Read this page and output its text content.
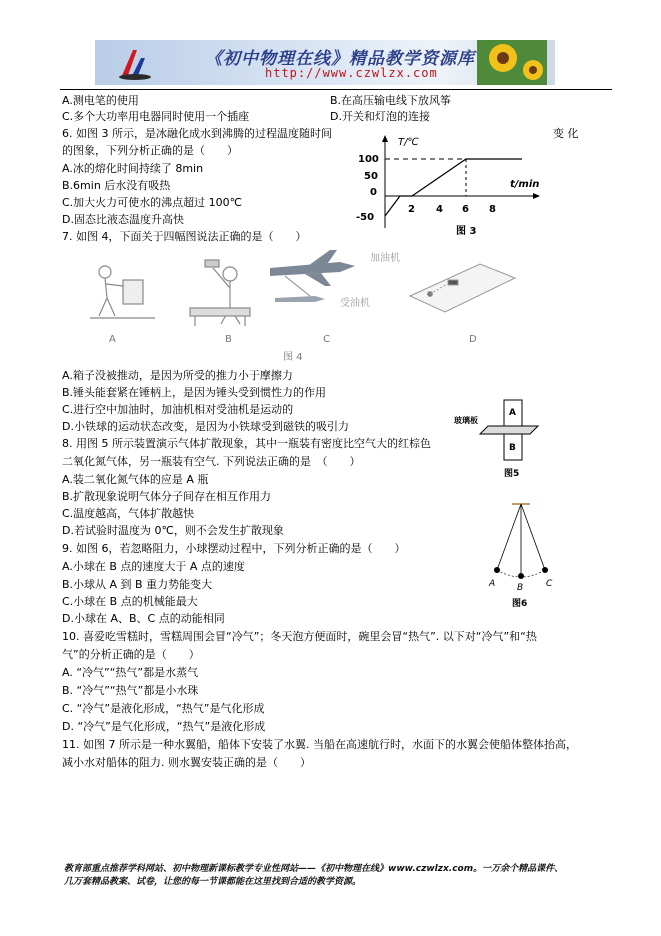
《初中物理在线》精品教学资源库
http://www.czwlzx.com
A.测电笔的使用	B.在高压输电线下放风筝
C.多个大功率用电器同时使用一个插座	D.开关和灯泡的连接
6. 如图 3 所示，是冰融化成水到沸腾的过程温度随时间	变 化
的图象，下列分析正确的是（　　）
A.冰的熔化时间持续了 8min
B.6min 后水没有吸热
C.加大火力可使水的沸点超过 100℃
D.固态比液态温度升高快
7. 如图 4，下面关于四幅图说法正确的是（　　）
A.箱子没被推动，是因为所受的推力小于摩擦力
B.锤头能套紧在锤柄上，是因为锤头受到惯性力的作用
C.进行空中加油时，加油机相对受油机是运动的
D.小铁球的运动状态改变，是因为小铁球受到磁铁的吸引力
8. 用图 5 所示装置演示气体扩散现象，其中一瓶装有密度比空气大的红棕色
二氧化氮气体，另一瓶装有空气. 下列说法正确的是　（　　）
A.装二氧化氮气体的应是 A 瓶
B.扩散现象说明气体分子间存在相互作用力
C.温度越高，气体扩散越快
D.若试验时温度为 0℃，则不会发生扩散现象
9. 如图 6，若忽略阻力，小球摆动过程中，下列分析正确的是（　　）
A.小球在 B 点的速度大于 A 点的速度
B.小球从 A 到 B 重力势能变大
C.小球在 B 点的机械能最大
D.小球在 A、B、C 点的动能相同
10. 喜爱吃雪糕时，雪糕周围会冒“冷气”；冬天泡方便面时，碗里会冒“热气”. 以下对“冷气”和“热
气”的分析正确的是（　　）
A. “冷气”“热气”都是水蒸气
B. “冷气”“热气”都是小水珠
C. “冷气”是液化形成，“热气”是气化形成
D. “冷气”是气化形成，“热气”是液化形成
11. 如图 7 所示是一种水翼船，船体下安装了水翼. 当船在高速航行时，水面下的水翼会使船体整体抬高，
减小水对船体的阻力. 则水翼安装正确的是（　　）
T/℃
t/min
100
50
0
-50
2 4 6 8
图 3
加油机
受油机
A	B	C	D
图 4
A
B
玻璃板
图5
A B	C
图6
教育部重点推荐学科网站、初中物理新课标教学专业性网站——《初中物理在线》www.czwlzx.com。一万余个精品课件、
几万套精品教案、试卷，让您的每一节课都能在这里找到合适的教学资源。
